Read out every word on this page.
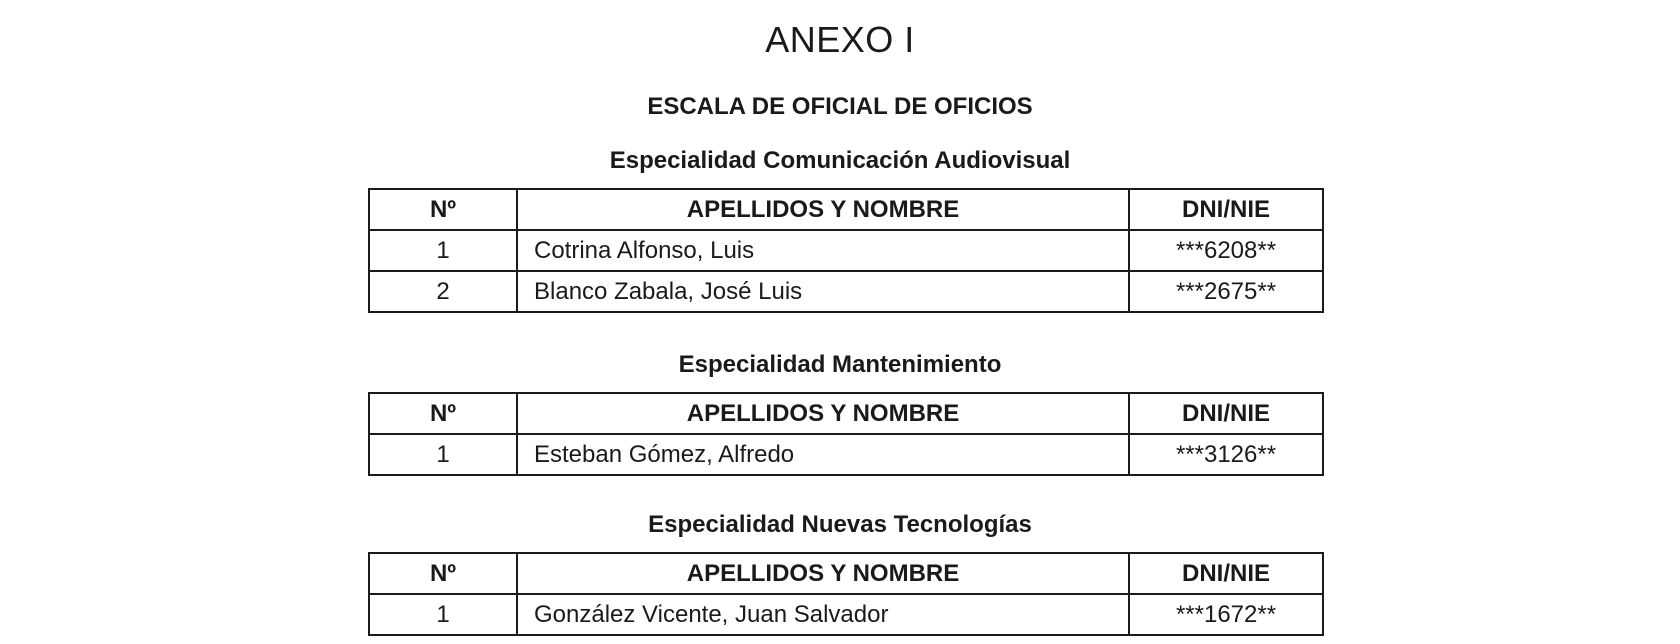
ANEXO I
ESCALA DE OFICIAL DE OFICIOS
Especialidad Comunicación Audiovisual
Nº	APELLIDOS Y NOMBRE	DNI/NIE
1	Cotrina Alfonso, Luis	***6208**
2	Blanco Zabala, José Luis	***2675**
Especialidad Mantenimiento
Nº	APELLIDOS Y NOMBRE	DNI/NIE
1	Esteban Gómez, Alfredo	***3126**
Especialidad Nuevas Tecnologías
Nº	APELLIDOS Y NOMBRE	DNI/NIE
1	González Vicente, Juan Salvador	***1672**
